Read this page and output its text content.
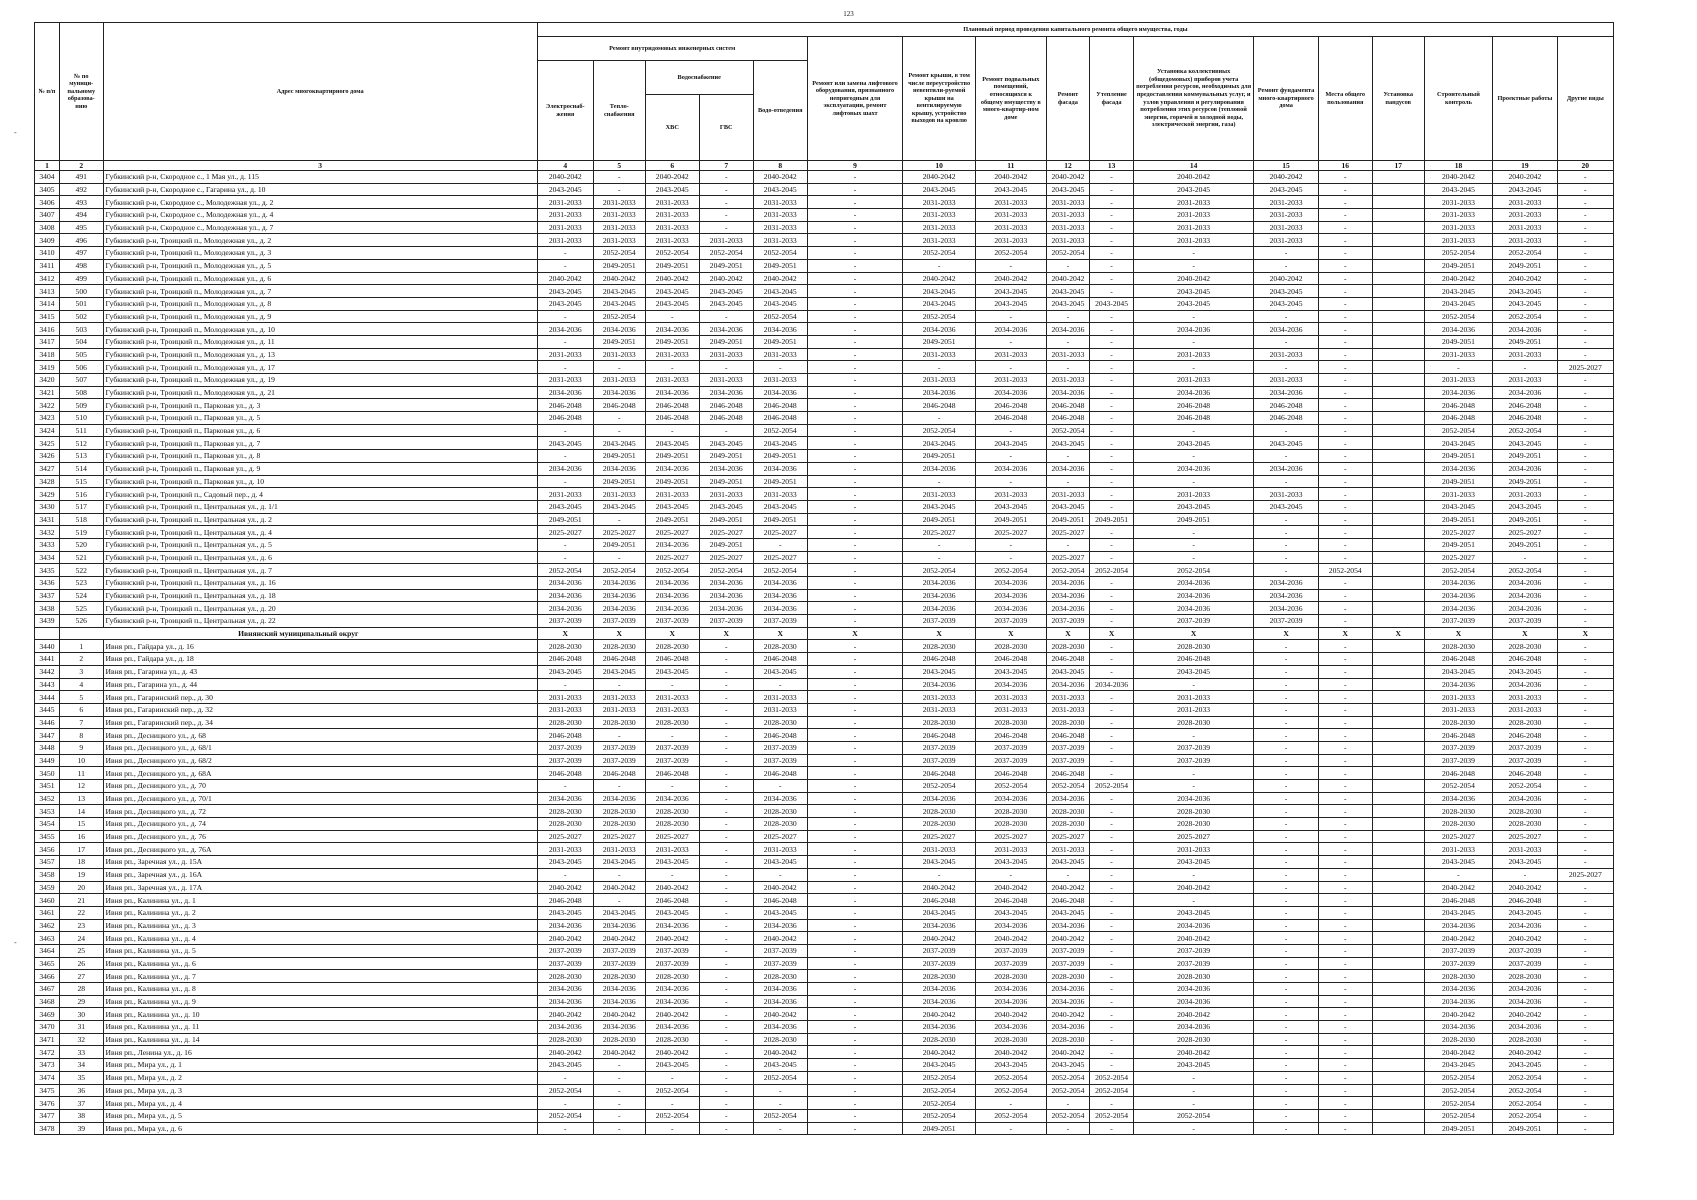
123
№ п/п	№ по муници-пальному образова-нию	Адрес многоквартирного дома	Плановый период проведения капитального ремонта общего имущества, годы																
			Ремонт внутридомовых инженерных систем					Ремонт или замена лифтового оборудования, признанного непригодным для эксплуатации, ремонт лифтовых шахт	Ремонт крыши, в том числе переустройство невентили-руемой крыши на вентилируемую крышу, устройство выходов на кровлю	Ремонт подвальных помещений, относящихся к общему имуществу в много-квартир-ном доме	Ремонт фасада	Утепление фасада	Установка коллективных (общедомовых) приборов учета потребления ресурсов, необходимых для предоставления коммунальных услуг, и узлов управления и регулирования потребления этих ресурсов (тепловой энергии, горячей и холодной воды, электрической энергии, газа)	Ремонт фундамента много-квартирного дома	Места общего пользования	Установка пандусов	Строительный контроль	Проектные работы	Другие виды
			Электроснаб-жения	Тепло-снабжения	Водоснабжение		Водо-отведения												
					ХВС	ГВС													
1	2	3	4	5	6	7	8	9	10	11	12	13	14	15	16	17	18	19	20
3404	491	Губкинский р-н, Скородное с., 1 Мая ул., д. 115	2040-2042	-	2040-2042	-	2040-2042	-	2040-2042	2040-2042	2040-2042	-	2040-2042	2040-2042	-		2040-2042	2040-2042	-
3405	492	Губкинский р-н, Скородное с., Гагарина ул., д. 10	2043-2045	-	2043-2045	-	2043-2045	-	2043-2045	2043-2045	2043-2045	-	2043-2045	2043-2045	-		2043-2045	2043-2045	-
3406	493	Губкинский р-н, Скородное с., Молодежная ул., д. 2	2031-2033	2031-2033	2031-2033	-	2031-2033	-	2031-2033	2031-2033	2031-2033	-	2031-2033	2031-2033	-		2031-2033	2031-2033	-
3407	494	Губкинский р-н, Скородное с., Молодежная ул., д. 4	2031-2033	2031-2033	2031-2033	-	2031-2033	-	2031-2033	2031-2033	2031-2033	-	2031-2033	2031-2033	-		2031-2033	2031-2033	-
3408	495	Губкинский р-н, Скородное с., Молодежная ул., д. 7	2031-2033	2031-2033	2031-2033	-	2031-2033	-	2031-2033	2031-2033	2031-2033	-	2031-2033	2031-2033	-		2031-2033	2031-2033	-
3409	496	Губкинский р-н, Троицкий п., Молодежная ул., д. 2	2031-2033	2031-2033	2031-2033	2031-2033	2031-2033	-	2031-2033	2031-2033	2031-2033	-	2031-2033	2031-2033	-		2031-2033	2031-2033	-
3410	497	Губкинский р-н, Троицкий п., Молодежная ул., д. 3	-	2052-2054	2052-2054	2052-2054	2052-2054	-	2052-2054	2052-2054	2052-2054	-	-	-	-		2052-2054	2052-2054	-
3411	498	Губкинский р-н, Троицкий п., Молодежная ул., д. 5	-	2049-2051	2049-2051	2049-2051	2049-2051	-	-	-	-	-	-	-	-		2049-2051	2049-2051	-
3412	499	Губкинский р-н, Троицкий п., Молодежная ул., д. 6	2040-2042	2040-2042	2040-2042	2040-2042	2040-2042	-	2040-2042	2040-2042	2040-2042	-	2040-2042	2040-2042	-		2040-2042	2040-2042	-
3413	500	Губкинский р-н, Троицкий п., Молодежная ул., д. 7	2043-2045	2043-2045	2043-2045	2043-2045	2043-2045	-	2043-2045	2043-2045	2043-2045	-	2043-2045	2043-2045	-		2043-2045	2043-2045	-
3414	501	Губкинский р-н, Троицкий п., Молодежная ул., д. 8	2043-2045	2043-2045	2043-2045	2043-2045	2043-2045	-	2043-2045	2043-2045	2043-2045	2043-2045	2043-2045	2043-2045	-		2043-2045	2043-2045	-
3415	502	Губкинский р-н, Троицкий п., Молодежная ул., д. 9	-	2052-2054	-	-	2052-2054	-	2052-2054	-	-	-	-	-	-		2052-2054	2052-2054	-
3416	503	Губкинский р-н, Троицкий п., Молодежная ул., д. 10	2034-2036	2034-2036	2034-2036	2034-2036	2034-2036	-	2034-2036	2034-2036	2034-2036	-	2034-2036	2034-2036	-		2034-2036	2034-2036	-
3417	504	Губкинский р-н, Троицкий п., Молодежная ул., д. 11	-	2049-2051	2049-2051	2049-2051	2049-2051	-	2049-2051	-	-	-	-	-	-		2049-2051	2049-2051	-
3418	505	Губкинский р-н, Троицкий п., Молодежная ул., д. 13	2031-2033	2031-2033	2031-2033	2031-2033	2031-2033	-	2031-2033	2031-2033	2031-2033	-	2031-2033	2031-2033	-		2031-2033	2031-2033	-
3419	506	Губкинский р-н, Троицкий п., Молодежная ул., д. 17	-	-	-	-	-	-	-	-	-	-	-	-	-		-	-	2025-2027
3420	507	Губкинский р-н, Троицкий п., Молодежная ул., д. 19	2031-2033	2031-2033	2031-2033	2031-2033	2031-2033	-	2031-2033	2031-2033	2031-2033	-	2031-2033	2031-2033	-		2031-2033	2031-2033	-
3421	508	Губкинский р-н, Троицкий п., Молодежная ул., д. 21	2034-2036	2034-2036	2034-2036	2034-2036	2034-2036	-	2034-2036	2034-2036	2034-2036	-	2034-2036	2034-2036	-		2034-2036	2034-2036	-
3422	509	Губкинский р-н, Троицкий п., Парковая ул., д. 3	2046-2048	2046-2048	2046-2048	2046-2048	2046-2048	-	2046-2048	2046-2048	2046-2048	-	2046-2048	2046-2048	-		2046-2048	2046-2048	-
3423	510	Губкинский р-н, Троицкий п., Парковая ул., д. 5	2046-2048	-	2046-2048	2046-2048	2046-2048	-	-	2046-2048	2046-2048	-	2046-2048	2046-2048	-		2046-2048	2046-2048	-
3424	511	Губкинский р-н, Троицкий п., Парковая ул., д. 6	-	-	-	-	2052-2054	-	2052-2054	-	2052-2054	-	-	-	-		2052-2054	2052-2054	-
3425	512	Губкинский р-н, Троицкий п., Парковая ул., д. 7	2043-2045	2043-2045	2043-2045	2043-2045	2043-2045	-	2043-2045	2043-2045	2043-2045	-	2043-2045	2043-2045	-		2043-2045	2043-2045	-
3426	513	Губкинский р-н, Троицкий п., Парковая ул., д. 8	-	2049-2051	2049-2051	2049-2051	2049-2051	-	2049-2051	-	-	-	-	-	-		2049-2051	2049-2051	-
3427	514	Губкинский р-н, Троицкий п., Парковая ул., д. 9	2034-2036	2034-2036	2034-2036	2034-2036	2034-2036	-	2034-2036	2034-2036	2034-2036	-	2034-2036	2034-2036	-		2034-2036	2034-2036	-
3428	515	Губкинский р-н, Троицкий п., Парковая ул., д. 10	-	2049-2051	2049-2051	2049-2051	2049-2051	-	-	-	-	-	-	-	-		2049-2051	2049-2051	-
3429	516	Губкинский р-н, Троицкий п., Садовый пер., д. 4	2031-2033	2031-2033	2031-2033	2031-2033	2031-2033	-	2031-2033	2031-2033	2031-2033	-	2031-2033	2031-2033	-		2031-2033	2031-2033	-
3430	517	Губкинский р-н, Троицкий п., Центральная ул., д. 1/1	2043-2045	2043-2045	2043-2045	2043-2045	2043-2045	-	2043-2045	2043-2045	2043-2045	-	2043-2045	2043-2045	-		2043-2045	2043-2045	-
3431	518	Губкинский р-н, Троицкий п., Центральная ул., д. 2	2049-2051	-	2049-2051	2049-2051	2049-2051	-	2049-2051	2049-2051	2049-2051	2049-2051	2049-2051	-	-		2049-2051	2049-2051	-
3432	519	Губкинский р-н, Троицкий п., Центральная ул., д. 4	2025-2027	2025-2027	2025-2027	2025-2027	2025-2027	-	2025-2027	2025-2027	2025-2027	-	-	-	-		2025-2027	2025-2027	-
3433	520	Губкинский р-н, Троицкий п., Центральная ул., д. 5	-	2049-2051	2034-2036	2049-2051	-	-	-	-	-	-	-	-	-		2049-2051	2049-2051	-
3434	521	Губкинский р-н, Троицкий п., Центральная ул., д. 6	-	-	2025-2027	2025-2027	2025-2027	-	-	-	2025-2027	-	-	-	-		2025-2027	-	-
3435	522	Губкинский р-н, Троицкий п., Центральная ул., д. 7	2052-2054	2052-2054	2052-2054	2052-2054	2052-2054	-	2052-2054	2052-2054	2052-2054	2052-2054	2052-2054	-	2052-2054		2052-2054	2052-2054	-
3436	523	Губкинский р-н, Троицкий п., Центральная ул., д. 16	2034-2036	2034-2036	2034-2036	2034-2036	2034-2036	-	2034-2036	2034-2036	2034-2036	-	2034-2036	2034-2036	-		2034-2036	2034-2036	-
3437	524	Губкинский р-н, Троицкий п., Центральная ул., д. 18	2034-2036	2034-2036	2034-2036	2034-2036	2034-2036	-	2034-2036	2034-2036	2034-2036	-	2034-2036	2034-2036	-		2034-2036	2034-2036	-
3438	525	Губкинский р-н, Троицкий п., Центральная ул., д. 20	2034-2036	2034-2036	2034-2036	2034-2036	2034-2036	-	2034-2036	2034-2036	2034-2036	-	2034-2036	2034-2036	-		2034-2036	2034-2036	-
3439	526	Губкинский р-н, Троицкий п., Центральная ул., д. 22	2037-2039	2037-2039	2037-2039	2037-2039	2037-2039	-	2037-2039	2037-2039	2037-2039	-	2037-2039	2037-2039	-		2037-2039	2037-2039	-
	Ивнянский муниципальный округ		Х	Х	Х	Х	Х	Х	Х	Х	Х	Х	Х	Х	Х	Х	Х	Х	Х
3440	1	Ивня рп., Гайдара ул., д. 16	2028-2030	2028-2030	2028-2030	-	2028-2030	-	2028-2030	2028-2030	2028-2030	-	2028-2030	-	-		2028-2030	2028-2030	-
3441	2	Ивня рп., Гайдара ул., д. 18	2046-2048	2046-2048	2046-2048	-	2046-2048	-	2046-2048	2046-2048	2046-2048	-	2046-2048	-	-		2046-2048	2046-2048	-
3442	3	Ивня рп., Гагарина ул., д. 43	2043-2045	2043-2045	2043-2045	-	2043-2045	-	2043-2045	2043-2045	2043-2045	-	2043-2045	-	-		2043-2045	2043-2045	-
3443	4	Ивня рп., Гагарина ул., д. 44	-	-	-	-	-	-	2034-2036	2034-2036	2034-2036	2034-2036	-	-	-		2034-2036	2034-2036	-
3444	5	Ивня рп., Гагаринский пер., д. 30	2031-2033	2031-2033	2031-2033	-	2031-2033	-	2031-2033	2031-2033	2031-2033	-	2031-2033	-	-		2031-2033	2031-2033	-
3445	6	Ивня рп., Гагаринский пер., д. 32	2031-2033	2031-2033	2031-2033	-	2031-2033	-	2031-2033	2031-2033	2031-2033	-	2031-2033	-	-		2031-2033	2031-2033	-
3446	7	Ивня рп., Гагаринский пер., д. 34	2028-2030	2028-2030	2028-2030	-	2028-2030	-	2028-2030	2028-2030	2028-2030	-	2028-2030	-	-		2028-2030	2028-2030	-
3447	8	Ивня рп., Десницкого ул., д. 68	2046-2048	-	-	-	2046-2048	-	2046-2048	2046-2048	2046-2048	-	-	-	-		2046-2048	2046-2048	-
3448	9	Ивня рп., Десницкого ул., д. 68/1	2037-2039	2037-2039	2037-2039	-	2037-2039	-	2037-2039	2037-2039	2037-2039	-	2037-2039	-	-		2037-2039	2037-2039	-
3449	10	Ивня рп., Десницкого ул., д. 68/2	2037-2039	2037-2039	2037-2039	-	2037-2039	-	2037-2039	2037-2039	2037-2039	-	2037-2039	-	-		2037-2039	2037-2039	-
3450	11	Ивня рп., Десницкого ул., д. 68А	2046-2048	2046-2048	2046-2048	-	2046-2048	-	2046-2048	2046-2048	2046-2048	-	-	-	-		2046-2048	2046-2048	-
3451	12	Ивня рп., Десницкого ул., д. 70	-	-	-	-	-	-	2052-2054	2052-2054	2052-2054	2052-2054	-	-	-		2052-2054	2052-2054	-
3452	13	Ивня рп., Десницкого ул., д. 70/1	2034-2036	2034-2036	2034-2036	-	2034-2036	-	2034-2036	2034-2036	2034-2036	-	2034-2036	-	-		2034-2036	2034-2036	-
3453	14	Ивня рп., Десницкого ул., д. 72	2028-2030	2028-2030	2028-2030	-	2028-2030	-	2028-2030	2028-2030	2028-2030	-	2028-2030	-	-		2028-2030	2028-2030	-
3454	15	Ивня рп., Десницкого ул., д. 74	2028-2030	2028-2030	2028-2030	-	2028-2030	-	2028-2030	2028-2030	2028-2030	-	2028-2030	-	-		2028-2030	2028-2030	-
3455	16	Ивня рп., Десницкого ул., д. 76	2025-2027	2025-2027	2025-2027	-	2025-2027	-	2025-2027	2025-2027	2025-2027	-	2025-2027	-	-		2025-2027	2025-2027	-
3456	17	Ивня рп., Десницкого ул., д. 76А	2031-2033	2031-2033	2031-2033	-	2031-2033	-	2031-2033	2031-2033	2031-2033	-	2031-2033	-	-		2031-2033	2031-2033	-
3457	18	Ивня рп., Заречная ул., д. 15А	2043-2045	2043-2045	2043-2045	-	2043-2045	-	2043-2045	2043-2045	2043-2045	-	2043-2045	-	-		2043-2045	2043-2045	-
3458	19	Ивня рп., Заречная ул., д. 16А	-	-	-	-	-	-	-	-	-	-	-	-	-		-	-	2025-2027
3459	20	Ивня рп., Заречная ул., д. 17А	2040-2042	2040-2042	2040-2042	-	2040-2042	-	2040-2042	2040-2042	2040-2042	-	2040-2042	-	-		2040-2042	2040-2042	-
3460	21	Ивня рп., Калинина ул., д. 1	2046-2048	-	2046-2048	-	2046-2048	-	2046-2048	2046-2048	2046-2048	-	-	-	-		2046-2048	2046-2048	-
3461	22	Ивня рп., Калинина ул., д. 2	2043-2045	2043-2045	2043-2045	-	2043-2045	-	2043-2045	2043-2045	2043-2045	-	2043-2045	-	-		2043-2045	2043-2045	-
3462	23	Ивня рп., Калинина ул., д. 3	2034-2036	2034-2036	2034-2036	-	2034-2036	-	2034-2036	2034-2036	2034-2036	-	2034-2036	-	-		2034-2036	2034-2036	-
3463	24	Ивня рп., Калинина ул., д. 4	2040-2042	2040-2042	2040-2042	-	2040-2042	-	2040-2042	2040-2042	2040-2042	-	2040-2042	-	-		2040-2042	2040-2042	-
3464	25	Ивня рп., Калинина ул., д. 5	2037-2039	2037-2039	2037-2039	-	2037-2039	-	2037-2039	2037-2039	2037-2039	-	2037-2039	-	-		2037-2039	2037-2039	-
3465	26	Ивня рп., Калинина ул., д. 6	2037-2039	2037-2039	2037-2039	-	2037-2039	-	2037-2039	2037-2039	2037-2039	-	2037-2039	-	-		2037-2039	2037-2039	-
3466	27	Ивня рп., Калинина ул., д. 7	2028-2030	2028-2030	2028-2030	-	2028-2030	-	2028-2030	2028-2030	2028-2030	-	2028-2030	-	-		2028-2030	2028-2030	-
3467	28	Ивня рп., Калинина ул., д. 8	2034-2036	2034-2036	2034-2036	-	2034-2036	-	2034-2036	2034-2036	2034-2036	-	2034-2036	-	-		2034-2036	2034-2036	-
3468	29	Ивня рп., Калинина ул., д. 9	2034-2036	2034-2036	2034-2036	-	2034-2036	-	2034-2036	2034-2036	2034-2036	-	2034-2036	-	-		2034-2036	2034-2036	-
3469	30	Ивня рп., Калинина ул., д. 10	2040-2042	2040-2042	2040-2042	-	2040-2042	-	2040-2042	2040-2042	2040-2042	-	2040-2042	-	-		2040-2042	2040-2042	-
3470	31	Ивня рп., Калинина ул., д. 11	2034-2036	2034-2036	2034-2036	-	2034-2036	-	2034-2036	2034-2036	2034-2036	-	2034-2036	-	-		2034-2036	2034-2036	-
3471	32	Ивня рп., Калинина ул., д. 14	2028-2030	2028-2030	2028-2030	-	2028-2030	-	2028-2030	2028-2030	2028-2030	-	2028-2030	-	-		2028-2030	2028-2030	-
3472	33	Ивня рп., Ленина ул., д. 16	2040-2042	2040-2042	2040-2042	-	2040-2042	-	2040-2042	2040-2042	2040-2042	-	2040-2042	-	-		2040-2042	2040-2042	-
3473	34	Ивня рп., Мира ул., д. 1	2043-2045	-	2043-2045	-	2043-2045	-	2043-2045	2043-2045	2043-2045	-	2043-2045	-	-		2043-2045	2043-2045	-
3474	35	Ивня рп., Мира ул., д. 2	-	-	-	-	2052-2054	-	2052-2054	2052-2054	2052-2054	2052-2054	-	-	-		2052-2054	2052-2054	-
3475	36	Ивня рп., Мира ул., д. 3	2052-2054	-	2052-2054	-	-	-	2052-2054	2052-2054	2052-2054	2052-2054	-	-	-		2052-2054	2052-2054	-
3476	37	Ивня рп., Мира ул., д. 4	-	-	-	-	-	-	2052-2054	-	-	-	-	-	-		2052-2054	2052-2054	-
3477	38	Ивня рп., Мира ул., д. 5	2052-2054	-	2052-2054	-	2052-2054	-	2052-2054	2052-2054	2052-2054	2052-2054	2052-2054	-	-		2052-2054	2052-2054	-
3478	39	Ивня рп., Мира ул., д. 6	-	-	-	-	-	-	2049-2051	-	-	-	-	-	-		2049-2051	2049-2051	-
-
-
